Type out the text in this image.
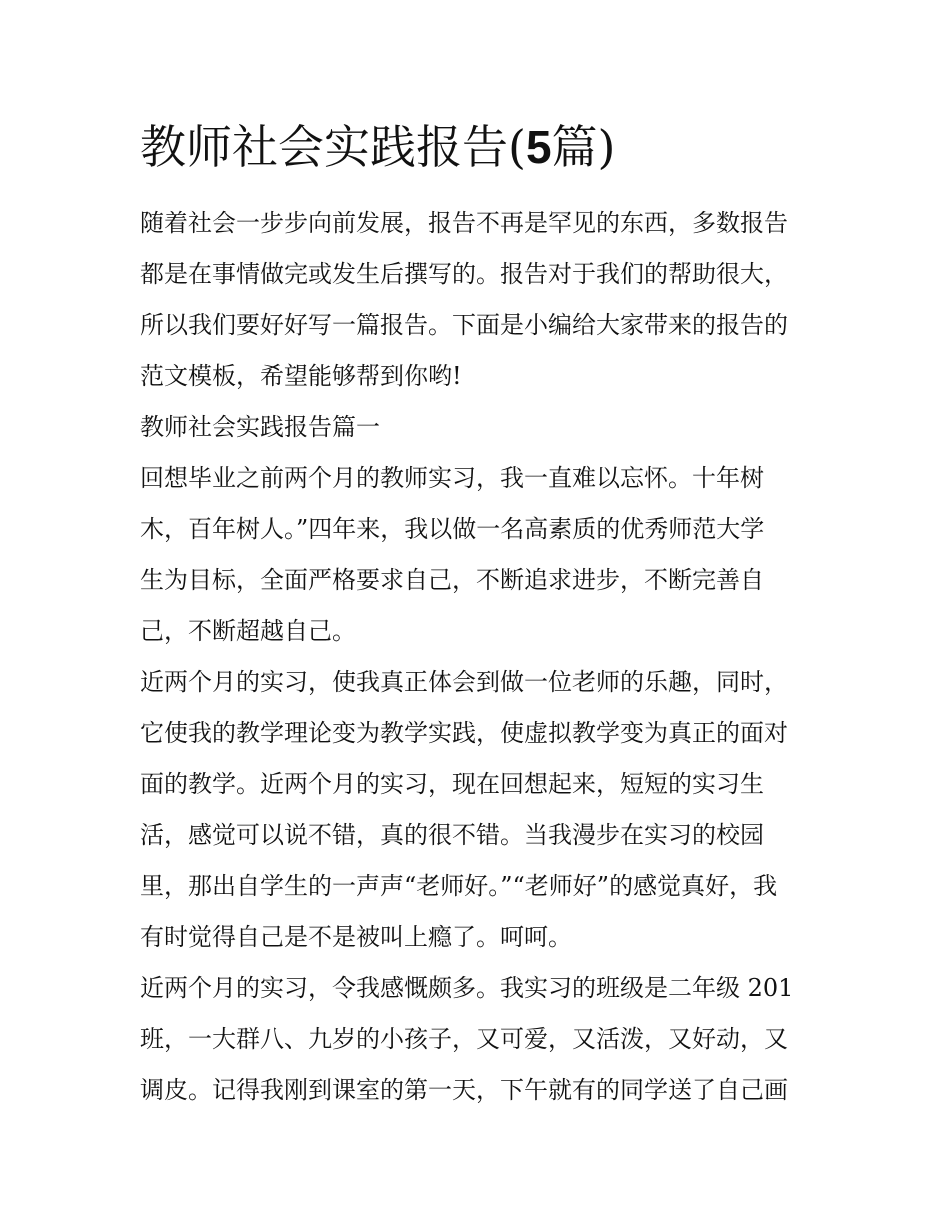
教师社会实践报告(5篇)
随着社会一步步向前发展，报告不再是罕见的东西，多数报告
都是在事情做完或发生后撰写的。报告对于我们的帮助很大，
所以我们要好好写一篇报告。下面是小编给大家带来的报告的
范文模板，希望能够帮到你哟!
教师社会实践报告篇一
回想毕业之前两个月的教师实习，我一直难以忘怀。十年树
木，百年树人。”四年来，我以做一名高素质的优秀师范大学
生为目标，全面严格要求自己，不断追求进步，不断完善自
己，不断超越自己。
近两个月的实习，使我真正体会到做一位老师的乐趣，同时，
它使我的教学理论变为教学实践，使虚拟教学变为真正的面对
面的教学。近两个月的实习，现在回想起来，短短的实习生
活，感觉可以说不错，真的很不错。当我漫步在实习的校园
里，那出自学生的一声声“老师好。”“老师好”的感觉真好，我
有时觉得自己是不是被叫上瘾了。呵呵。
近两个月的实习，令我感慨颇多。我实习的班级是二年级 201
班，一大群八、九岁的小孩子，又可爱，又活泼，又好动，又
调皮。记得我刚到课室的第一天，下午就有的同学送了自己画
